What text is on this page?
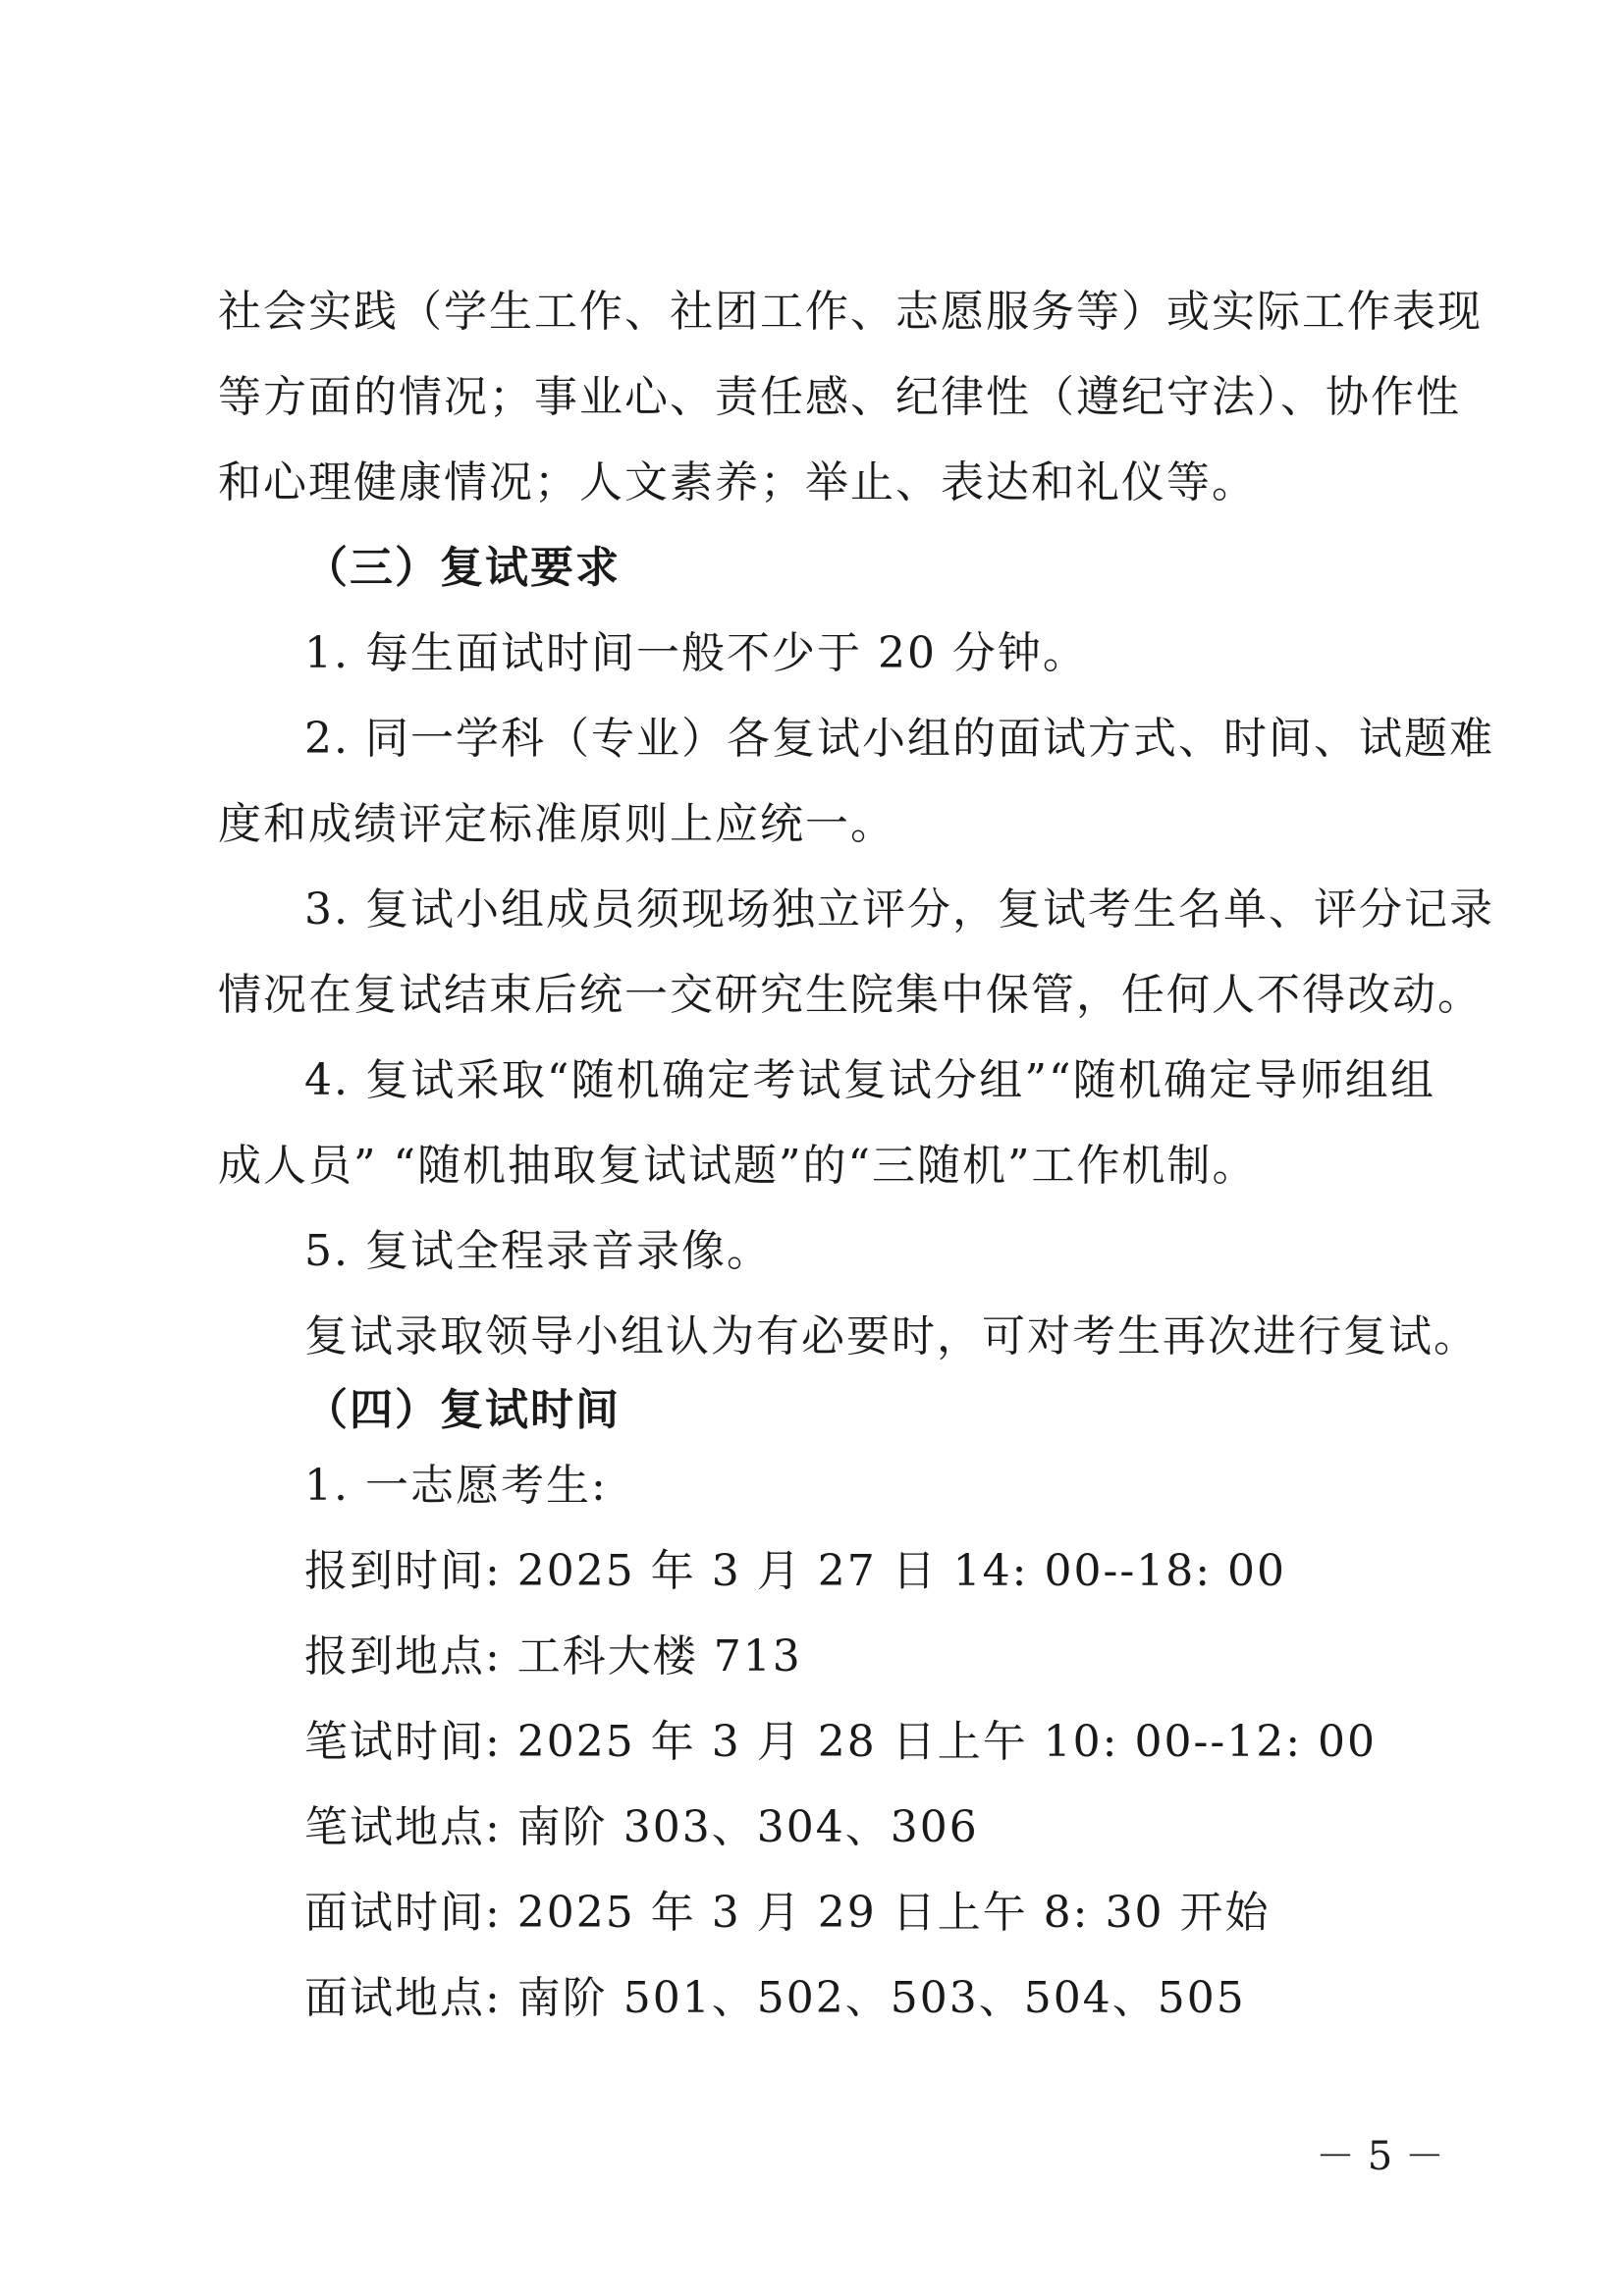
社会实践（学生工作、社团工作、志愿服务等）或实际工作表现
等方面的情况；事业心、责任感、纪律性（遵纪守法）、协作性
和心理健康情况；人文素养；举止、表达和礼仪等。
（三）复试要求
1. 每生面试时间一般不少于 20 分钟。
2. 同一学科（专业）各复试小组的面试方式、时间、试题难
度和成绩评定标准原则上应统一。
3. 复试小组成员须现场独立评分，复试考生名单、评分记录
情况在复试结束后统一交研究生院集中保管，任何人不得改动。
4. 复试采取“随机确定考试复试分组”“随机确定导师组组
成人员” “随机抽取复试试题”的“三随机”工作机制。
5. 复试全程录音录像。
复试录取领导小组认为有必要时，可对考生再次进行复试。
（四）复试时间
1. 一志愿考生:
报到时间: 2025 年 3 月 27 日 14: 00--18: 00
报到地点: 工科大楼 713
笔试时间: 2025 年 3 月 28 日上午 10: 00--12: 00
笔试地点: 南阶 303、304、306
面试时间: 2025 年 3 月 29 日上午 8: 30 开始
面试地点: 南阶 501、502、503、504、505
－ 5 －
